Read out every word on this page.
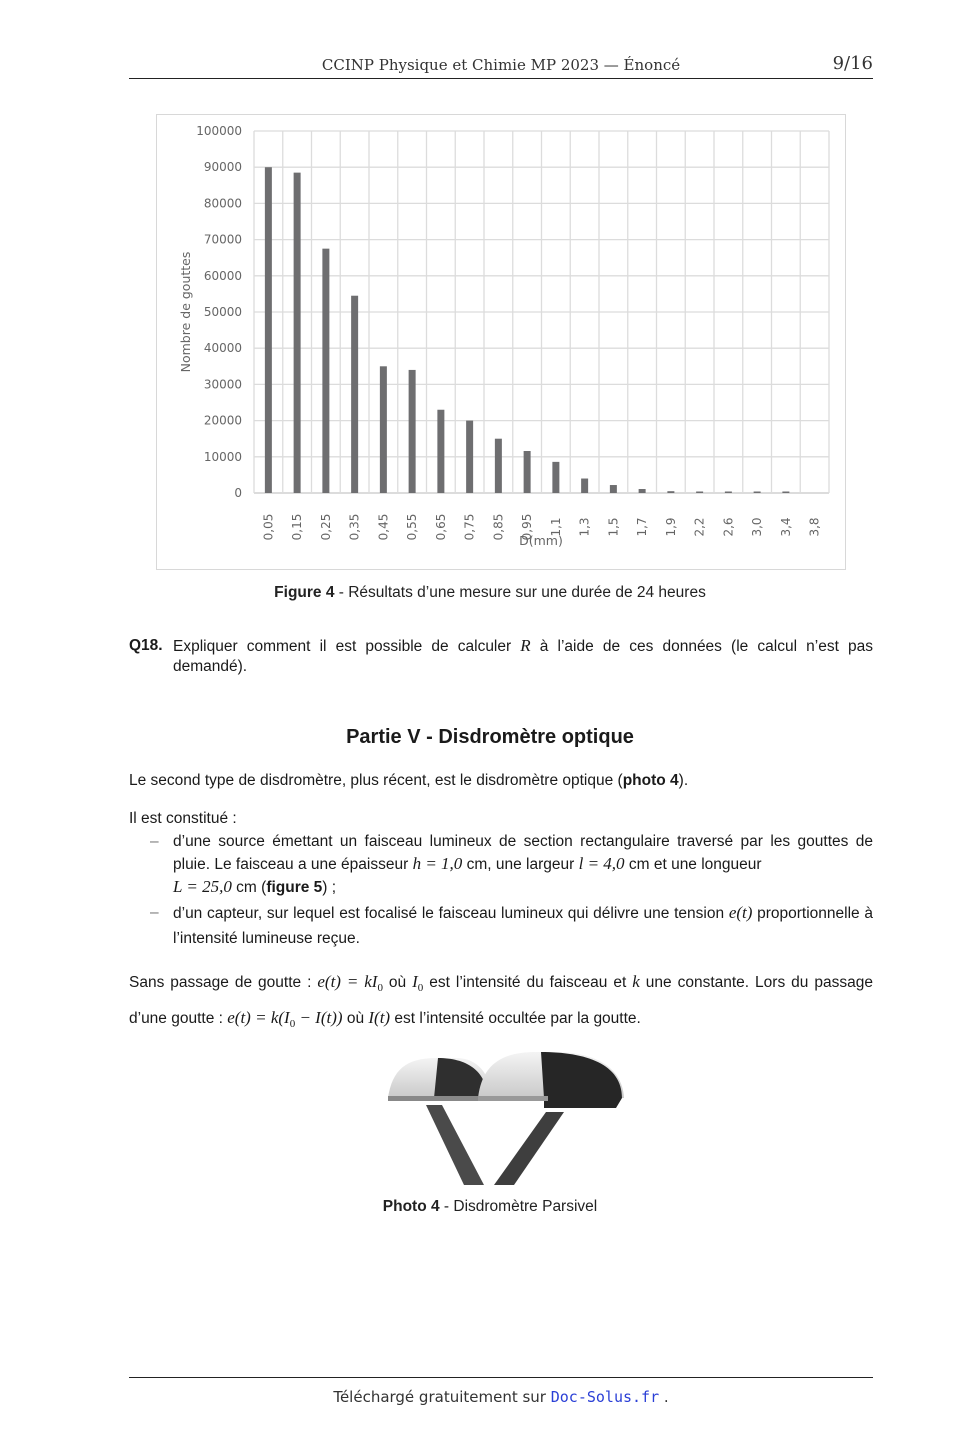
CCINP Physique et Chimie MP 2023 — Énoncé	9/16
0
10000
20000
30000
40000
50000
60000
70000
80000
90000
100000
0,05 0,15 0,25 0,35 0,45 0,55 0,65 0,75 0,85 0,95 1,1 1,3 1,5 1,7 1,9 2,2 2,6 3,0 3,4 3,8
Nombre de gouttes
D(mm)
Figure 4 - Résultats d’une mesure sur une durée de 24 heures
Q18. Expliquer comment il est possible de calculer R à l’aide de ces données (le calcul n’est pas demandé).
Partie V - Disdromètre optique
Le second type de disdromètre, plus récent, est le disdromètre optique (photo 4).
Il est constitué :
– d’une source émettant un faisceau lumineux de section rectangulaire traversé par les gouttes de pluie. Le faisceau a une épaisseur h = 1,0 cm, une largeur l = 4,0 cm et une longueur
L = 25,0 cm (figure 5) ;
– d’un capteur, sur lequel est focalisé le faisceau lumineux qui délivre une tension e(t) proportionnelle à l’intensité lumineuse reçue.
Sans passage de goutte : $e(t) = kI_0$ où $I_0$ est l’intensité du faisceau et k une constante. Lors du passage d’une goutte : $e(t) = k(I_0 - I(t))$ où I(t) est l’intensité occultée par la goutte.
Photo 4 - Disdromètre Parsivel
Téléchargé gratuitement sur Doc-Solus.fr .
